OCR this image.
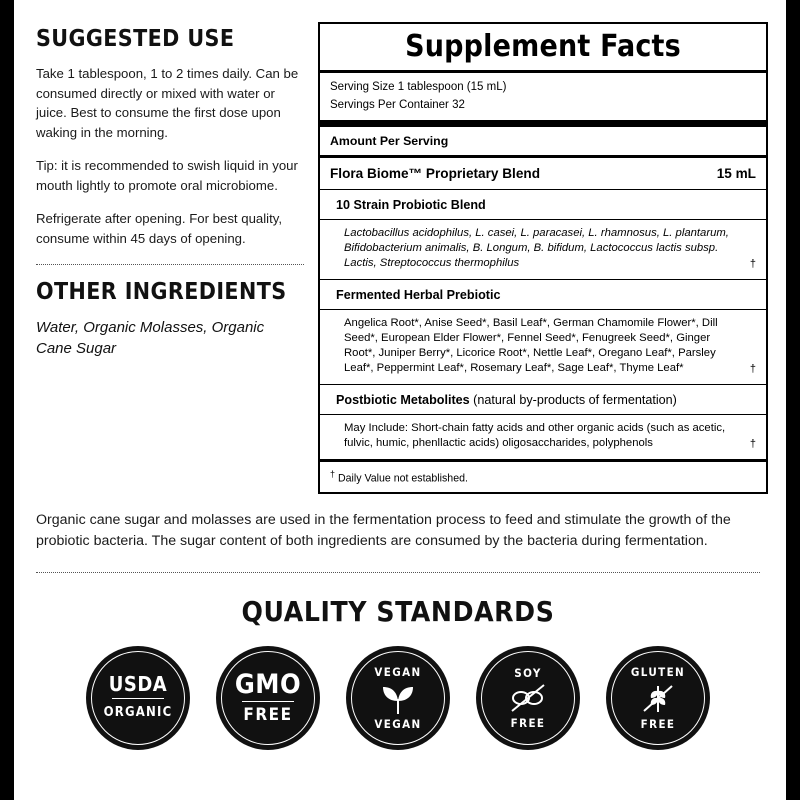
SUGGESTED USE

Take 1 tablespoon, 1 to 2 times daily. Can be consumed directly or mixed with water or juice. Best to consume the first dose upon waking in the morning.

Tip: it is recommended to swish liquid in your mouth lightly to promote oral microbiome.

Refrigerate after opening. For best quality, consume within 45 days of opening.

OTHER INGREDIENTS

Water, Organic Molasses, Organic Cane Sugar

Supplement Facts
Serving Size 1 tablespoon (15 mL)
Servings Per Container 32
Amount Per Serving
Flora Biome™ Proprietary Blend	15 mL
10 Strain Probiotic Blend

Lactobacillus acidophilus, L. casei, L. paracasei, L. rhamnosus, L. plantarum, Bifidobacterium animalis, B. Longum, B. bifidum, Lactococcus lactis subsp. Lactis, Streptococcus thermophilus	†
Fermented Herbal Prebiotic

Angelica Root*, Anise Seed*, Basil Leaf*, German Chamomile Flower*, Dill Seed*, European Elder Flower*, Fennel Seed*, Fenugreek Seed*, Ginger Root*, Juniper Berry*, Licorice Root*, Nettle Leaf*, Oregano Leaf*, Parsley Leaf*, Peppermint Leaf*, Rosemary Leaf*, Sage Leaf*, Thyme Leaf*	†
Postbiotic Metabolites (natural by-products of fermentation)

May Include: Short-chain fatty acids and other organic acids (such as acetic, fulvic, humic, phenllactic acids) oligosaccharides, polyphenols	†
† Daily Value not established.

Organic cane sugar and molasses are used in the fermentation process to feed and stimulate the growth of the probiotic bacteria. The sugar content of both ingredients are consumed by the bacteria during fermentation.

QUALITY STANDARDS
USDA
ORGANIC
GMO
FREE
VEGAN
VEGAN
SOY
FREE
GLUTEN
FREE
